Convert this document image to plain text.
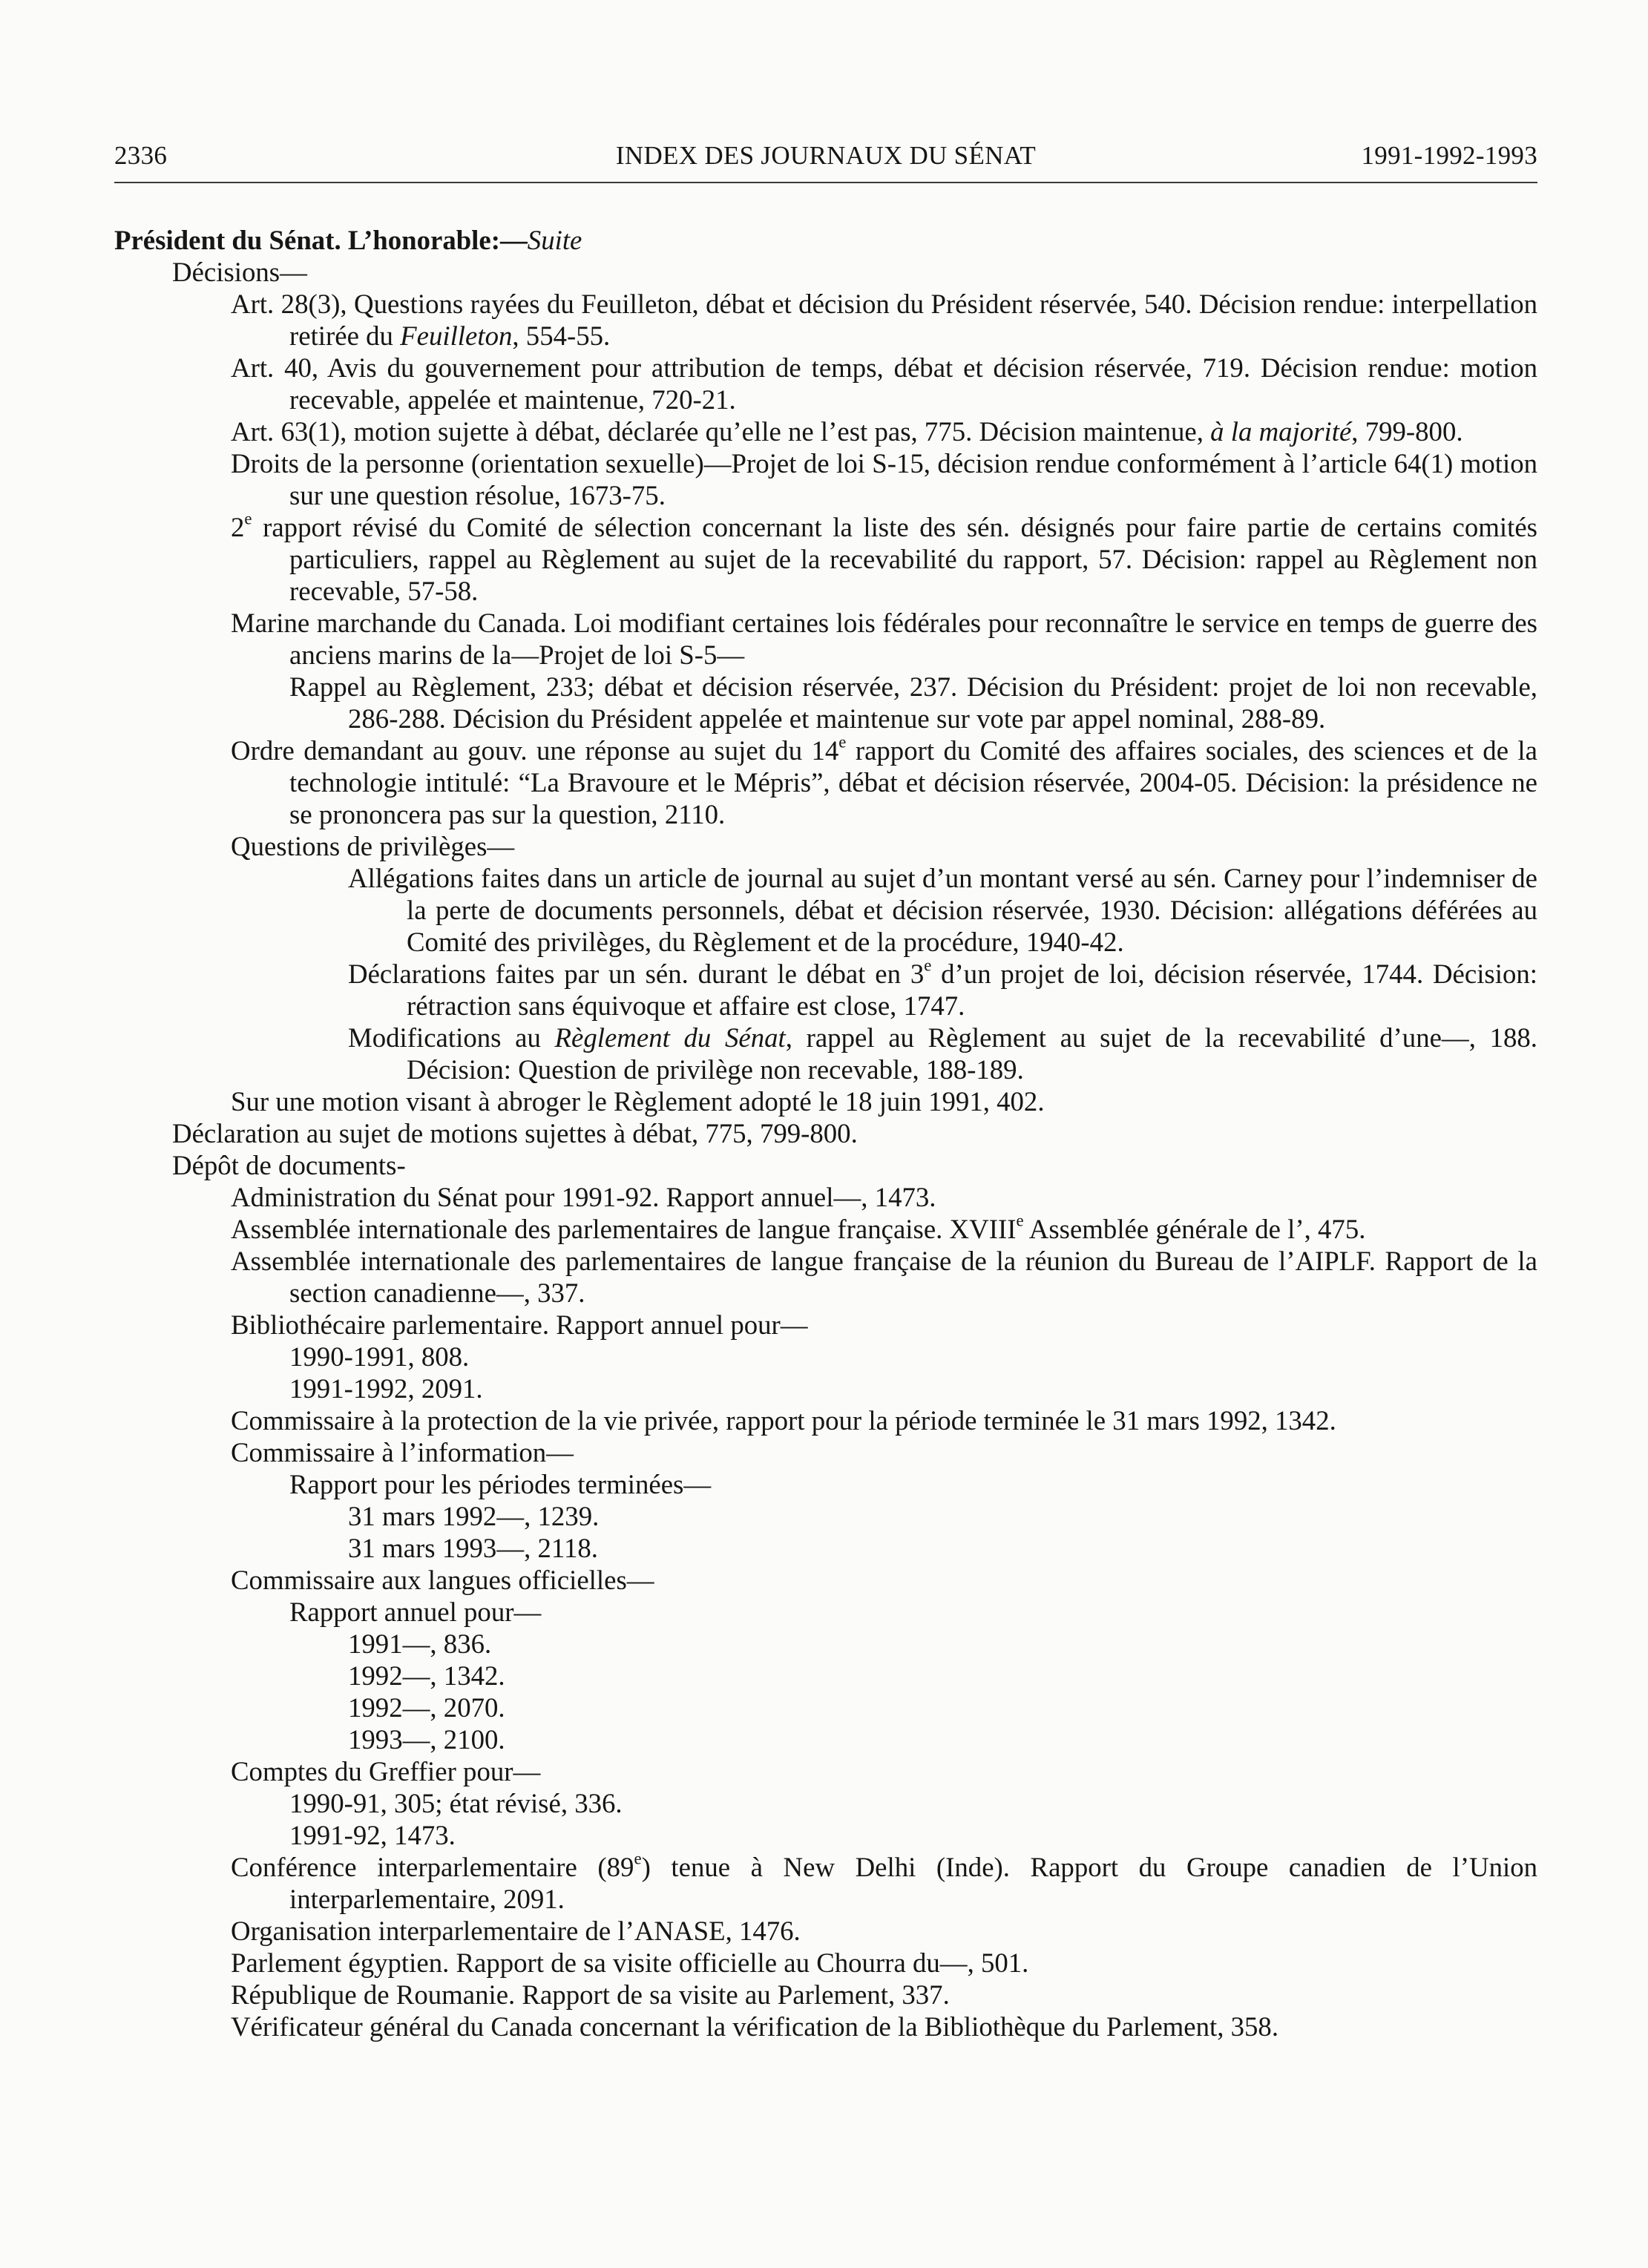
2336	INDEX DES JOURNAUX DU SÉNAT	1991-1992-1993
Président du Sénat. L’honorable:—Suite
Décisions—
Art. 28(3), Questions rayées du Feuilleton, débat et décision du Président réservée, 540. Décision rendue: interpellation retirée du Feuilleton, 554-55.
Art. 40, Avis du gouvernement pour attribution de temps, débat et décision réservée, 719. Décision rendue: motion recevable, appelée et maintenue, 720-21.
Art. 63(1), motion sujette à débat, déclarée qu’elle ne l’est pas, 775. Décision maintenue, à la majorité, 799-800.
Droits de la personne (orientation sexuelle)—Projet de loi S-15, décision rendue conformément à l’article 64(1) motion sur une question résolue, 1673-75.
2e rapport révisé du Comité de sélection concernant la liste des sén. désignés pour faire partie de certains comités particuliers, rappel au Règlement au sujet de la recevabilité du rapport, 57. Décision: rappel au Règlement non recevable, 57-58.
Marine marchande du Canada. Loi modifiant certaines lois fédérales pour reconnaître le service en temps de guerre des anciens marins de la—Projet de loi S-5—
Rappel au Règlement, 233; débat et décision réservée, 237. Décision du Président: projet de loi non recevable, 286-288. Décision du Président appelée et maintenue sur vote par appel nominal, 288-89.
Ordre demandant au gouv. une réponse au sujet du 14e rapport du Comité des affaires sociales, des sciences et de la technologie intitulé: “La Bravoure et le Mépris”, débat et décision réservée, 2004-05. Décision: la présidence ne se prononcera pas sur la question, 2110.
Questions de privilèges—
Allégations faites dans un article de journal au sujet d’un montant versé au sén. Carney pour l’indemniser de la perte de documents personnels, débat et décision réservée, 1930. Décision: allégations déférées au Comité des privilèges, du Règlement et de la procédure, 1940-42.
Déclarations faites par un sén. durant le débat en 3e d’un projet de loi, décision réservée, 1744. Décision: rétraction sans équivoque et affaire est close, 1747.
Modifications au Règlement du Sénat, rappel au Règlement au sujet de la recevabilité d’une—, 188. Décision: Question de privilège non recevable, 188-189.
Sur une motion visant à abroger le Règlement adopté le 18 juin 1991, 402.
Déclaration au sujet de motions sujettes à débat, 775, 799-800.
Dépôt de documents-
Administration du Sénat pour 1991-92. Rapport annuel—, 1473.
Assemblée internationale des parlementaires de langue française. XVIIIe Assemblée générale de l’, 475.
Assemblée internationale des parlementaires de langue française de la réunion du Bureau de l’AIPLF. Rapport de la section canadienne—, 337.
Bibliothécaire parlementaire. Rapport annuel pour—
1990-1991, 808.
1991-1992, 2091.
Commissaire à la protection de la vie privée, rapport pour la période terminée le 31 mars 1992, 1342.
Commissaire à l’information—
Rapport pour les périodes terminées—
31 mars 1992—, 1239.
31 mars 1993—, 2118.
Commissaire aux langues officielles—
Rapport annuel pour—
1991—, 836.
1992—, 1342.
1992—, 2070.
1993—, 2100.
Comptes du Greffier pour—
1990-91, 305; état révisé, 336.
1991-92, 1473.
Conférence interparlementaire (89e) tenue à New Delhi (Inde). Rapport du Groupe canadien de l’Union interparlementaire, 2091.
Organisation interparlementaire de l’ANASE, 1476.
Parlement égyptien. Rapport de sa visite officielle au Chourra du—, 501.
République de Roumanie. Rapport de sa visite au Parlement, 337.
Vérificateur général du Canada concernant la vérification de la Bibliothèque du Parlement, 358.
